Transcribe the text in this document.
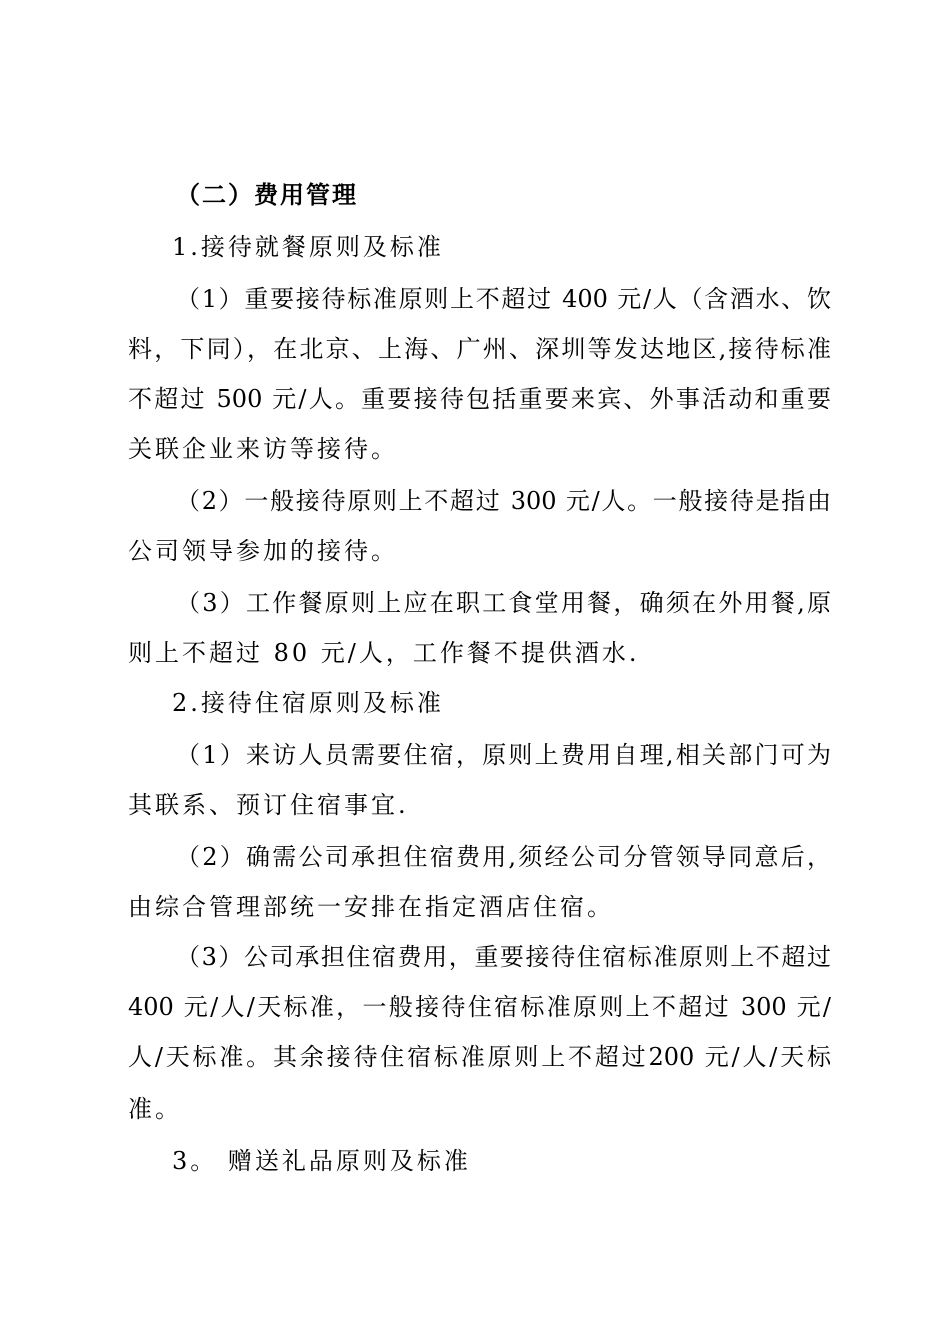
（二）费用管理
1.接待就餐原则及标准
（1）重要接待标准原则上不超过 400 元/人（含酒水、饮
料，下同），在北京、上海、广州、深圳等发达地区,接待标准
不超过 500 元/人。重要接待包括重要来宾、外事活动和重要
关联企业来访等接待。
（2）一般接待原则上不超过 300 元/人。一般接待是指由
公司领导参加的接待。
（3）工作餐原则上应在职工食堂用餐，确须在外用餐,原
则上不超过 80 元/人，工作餐不提供酒水.
2.接待住宿原则及标准
（1）来访人员需要住宿，原则上费用自理,相关部门可为
其联系、预订住宿事宜.
（2）确需公司承担住宿费用,须经公司分管领导同意后，
由综合管理部统一安排在指定酒店住宿。
（3）公司承担住宿费用，重要接待住宿标准原则上不超过
400 元/人/天标准，一般接待住宿标准原则上不超过 300 元/
人/天标准。其余接待住宿标准原则上不超过200 元/人/天标
准。
3。 赠送礼品原则及标准
